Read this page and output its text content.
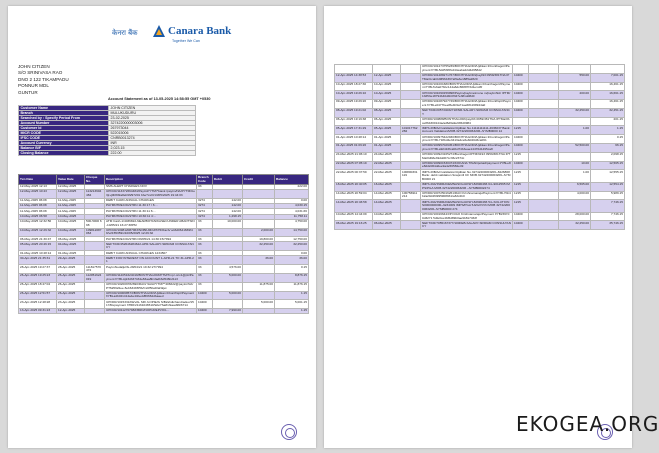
केनरा बैंक	Canara Bank
Together We Can
JOHN CITIZEN
S/O SRINIVASA RAO
DNO 2 122 TIKAMPADU
PONNUR MDL
GUNTUR
Account Statement as of 13-05-2025 14:58:55 GMT +0530
Customer Name	JOHN CITIZEN
Branch	MULUKUDURU
Searched by : Specify Period From	23-02-2025
Account Number	3274220000003006
Customer Id	267973044
MICR CODE	522015006
IFSC CODE	CNRB0013274
Account Currency	INR
Balance B/F	2,023.15
Closing Balance	222.00
Txn Date	Value Date	Cheque No.	Description	Branch Code	Debit	Credit	Balance
12-May-2025 12:13	12-May-2025		SMS ALERT CHARGES NOV	33			222.00
12-May-2025 10:43	12-May-2025	113213904 484	UPI/CR/113372664484/PaytmPYTM/*biank /paytm/NA/PYTM/Ue3j/+j0bf9f2a8eb9f297201 bbe?csO/13/05/2025 19:44:03				
11-May-2025 06:08	11-May-2025		DEBIT CARD ANNUAL CHARGES	3274	142.00		0.00
11-May-2025 06:08	11-May-2025		PAYMNTRECIIGSTRN 11:30:17 / 6:...	3274	142.00		4,030.15
11-May-2025 06:08	11-May-2025		PAYMNTRECIIGSTRN 11:30:11 6:...	3274	142.00		4,031.66
10-May-2025 06:58	10-May-2025		PAYMNTRECIIGSTRN 10:30:11 4:...	3274	1,298.15		11,758.11
10-May-2025 12:32:56	10-May-2025	500-5000 698	ATM Cash-1/4036822-NEARBOTANIKASECUNDER ABADTSIN-10/05/21 16:27:38PM	33	10,000.00		4,750.00
10-May-2025 12:29:32	10-May-2025	109812087 063	UPI/CR/109812087063/NOBIUM/UPI/HDFacb/ a43d0641669f49/v21553591/10/05/2025 12:29:32	33		2,000.00	14,750.00
06-May-2025 21:30:47	06-May-2025		PAYMNTRECIIGSTRN 06/05/21 14:30:15/7994	33		19,800.00	12,750.00
05-May-2025 20:46:15	04-May-2025		NEFT/CR/452646284622-APR-SALARY-SRIRAM CONSULTANCY	33		32,250.00	32,250.00
01-May-2025 10:48:14	01-May-2025		DEBIT CARD ANNUAL CHARGES 1234567	33			0.00
30-Apr-2025 21:35:31	29-Apr-2025		DEBIT FOR INTEREST ON ACCOUNT 1-APR-21 TO 31-APR-21	33		36.00	36.00
28-Apr-2025 19:27:37	28-Apr-2025	111817570 472	PaytmNodaljul/fs-28/04/21 19:32:27/7994	33	4,576.00		0.15
26-Apr-2025 19:25:23	26-Apr-2025	112051624 019	UPI/DR/112051624019/BONTHAGORI/PTM/Tmp/ ortx1@pti/Payment f/YBLAj23d337434e83aa8b1fadb6d546b2113	33	5,000.00		8,876.15
26-Apr-2025 18:47:04	26-Apr-2025		UPI/CR/102009782690/RAO/ 9AGPYTM/**406622@paytm/NA/PTM/6922ee 8eb634b5f5b/Cs6f5bwRaNkjet	33		11,875.00	11,876.15
26-Apr-2025 12:51:57	26-Apr-2025		UPI/CR/100068573/BONTHAGORI/Ujdikan thbontf/spt/Payment f/YBLa4b021414a4e44bedd56664dbaaed	10400	5,000.00		1.15
23-Apr-2025 12:48:28	23-Apr-2025		UPI/DR/1015331/KEVAL SRI /LOPIE/fs S/Bi/ahdtchandradev/1517/Repayment f/HDF21161046510/Wei7Sa81htaad99/6714	10400		5,000.00	5,001.15
13-Apr-2025 09:31:23	12-Apr-2025		UPI/CR/1011270798/FBRD/NOPUREPVO/L...	10400	7,990.00		1.15
			UPI/CR/101273755239/BONTHAGORI/Ujdikan thbonthagori/Payment f/YBL5dd53f0fcd44eaba22d4d958d2				
12-Apr-2025 14:38:53	12-Apr-2025		UPI/DR/101288271767/BONTHAGORI/payt93 0959/381TNA IPTMa/Ucab0d9f964397af6a3e1885a2820	10400		550.00	7,001.15
10-Apr-2025 18:27:30	10-Apr-2025		UPI/CR/101001680/BONTHAGORI/Ujdikan thbonthagori/Payment f/YBLTe6a07bbc144a6dc86887f3d1e1d3f	10400			16,461.15
10-Apr-2025 19:26:10	10-Apr-2025		UPI/CR/101090159998/Paytm/paytmetmone m/paytmNA/ IPTM/1b653e18794b40d4b0f347e381dd8d0	10400		200.00	16,661.15
09-Apr-2025 19:29:20	09-Apr-2025		UPI/DR/101087927749/BONTHAGORI/Ujdikan thbontf/spt/Payment f/YBLe0477beef8e4b9a71ae681169944a0	10400			16,461.15
08-Apr-2025 19:21:02	08-Apr-2025		NEFT/CR/205734032718/NR-SALARY-SRIRAM CONSULTANCY	10400		32,250.00	32,451.15
06-Apr-2025 19:19:38	06-Apr-2025		UPI/DR/100888/BONTHAGORI/payt93 0959/381TNA IPTMa/0bce864300144a/ad6d6a9e9b5d0984				201.15
05-Apr-2025 17:31:29	05-Apr-2025	101017762 282	IMPS-RIB/A/c/validation/Ujdikan No.11111111111-4636037 Bank: Account Validation/MOB.32742200063206~SYMB0000 14	1215		1.00	1.15
01-Apr-2025 10:48:14	01-Apr-2025		UPI/DR/100975422930/BONTHAGORI/Ujdikan thbonthagori/Payment f/YBL718bd4e3413a4ce6e8d40d3ca061	10400			0.15
01-Apr-2025 01:09:26	01-Apr-2025		UPI/DR/100957029451/BONTHAGORI/Ujdikan thbonthagori/Payment f/YBLa92416fca6bd74b3eae14476d1495ca8	10400		52,500.00	66.15
24-Mar-2025 21:06:10	24-Mar-2025		UPI/DR/100923165274/Bonthagori/PTM/9193 0959/381TNA IPTMa/0db8eb9ddd07cc36c2374c	1215			2,098.15
22-Mar-2025 07:05:19	22-Mar-2025		UPI/DR/100901530474/KOKANA TINAI/ipolaid/payment f/YBLe8e8dd2d64ddee9a4e56584e49	10400		10.00	12,565.15
22-Mar-2025 00:37:59	22-Mar-2025	100800331 119	IMPS-RIB/A/c/validation/Ujdikan No.32742200063206~8226868 Bank: debit validation Snapmill CF MOB.32742200063206~SYMB0000 21	1215		1.00	12,555.15
18-Mar-2025 20:40:05	16-Mar-2025		IMPS-RAVINDRAVEMNASOL/AKSH-82690466 64~9012565 IMPS/PGA MOB.32742200063206 ~SYMB0002274	1215		6,565.00	12,554.15
14-Mar-2025 20:59:04	14-Mar-2025	100756911 214	UPI/DR/100725016261/RAO Krishnamaraju/Payment f/YBL7bb4b2a20d4f4995908931/a8Jc2b0	1215		4,000.00	5,989.15
14-Mar-2025 20:46:58	14-Mar-2025		IMPS-RAVINDRAVEMNASOL/AKSH-82690466 54~SOLUTIONS0000000000~9234009 IMPS/PGA 5J2GXVVN MOB 327422000063206~SYMB0000 274	1215			7,746.15
10-Mar-2025 14:44:09	10-Mar-2025		UPI/CR/100166443/PI RAO Krishnamaraju/Payment f/YBL567d0d3271 5dfe0ce4bf6d89b0ae9b817463f	10400		28,000.00	7,746.15
06-Mar-2025 19:16:25	06-Mar-2025		NEFT/CR/7055167377/100FEB-SALARY-SRIRAM CONSULTANCY	10400		32,250.00	35,746.15
EKOGEA.ORG
